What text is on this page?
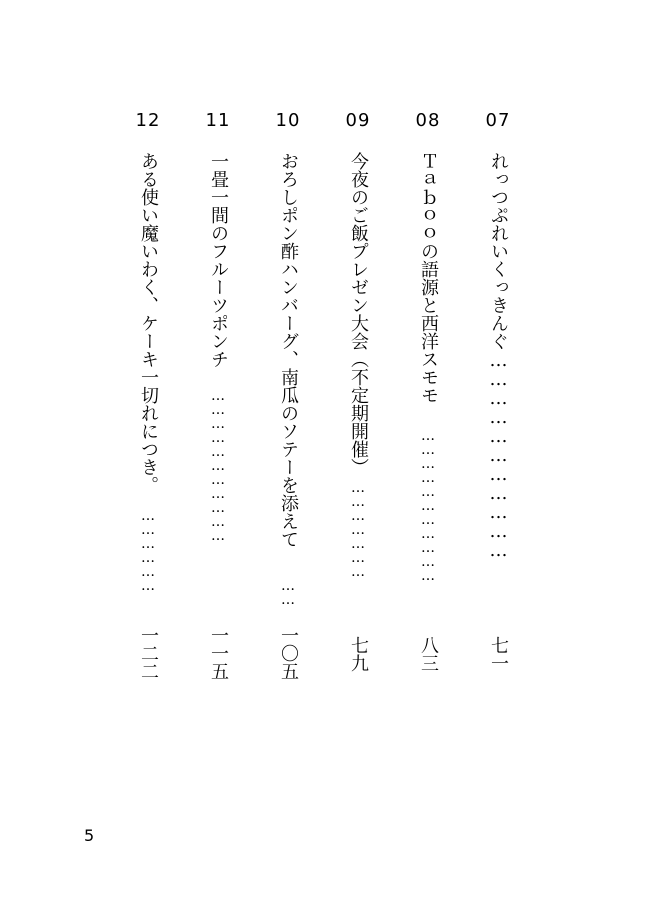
07
れっつぷれいくっきんぐ……………………………
七一
08
Ｔａｂｏｏの語源と西洋スモモ
……………………………
八三
09
今夜のご飯プレゼン大会（不定期開催）
…………………
七九
10
おろしポン酢ハンバーグ、南瓜のソテーを添えて
……
一〇五
11
一畳一間のフルーツポンチ
……………………………
一一五
12
ある使い魔いわく、ケーキ一切れにつき。
………………
一二二
5
